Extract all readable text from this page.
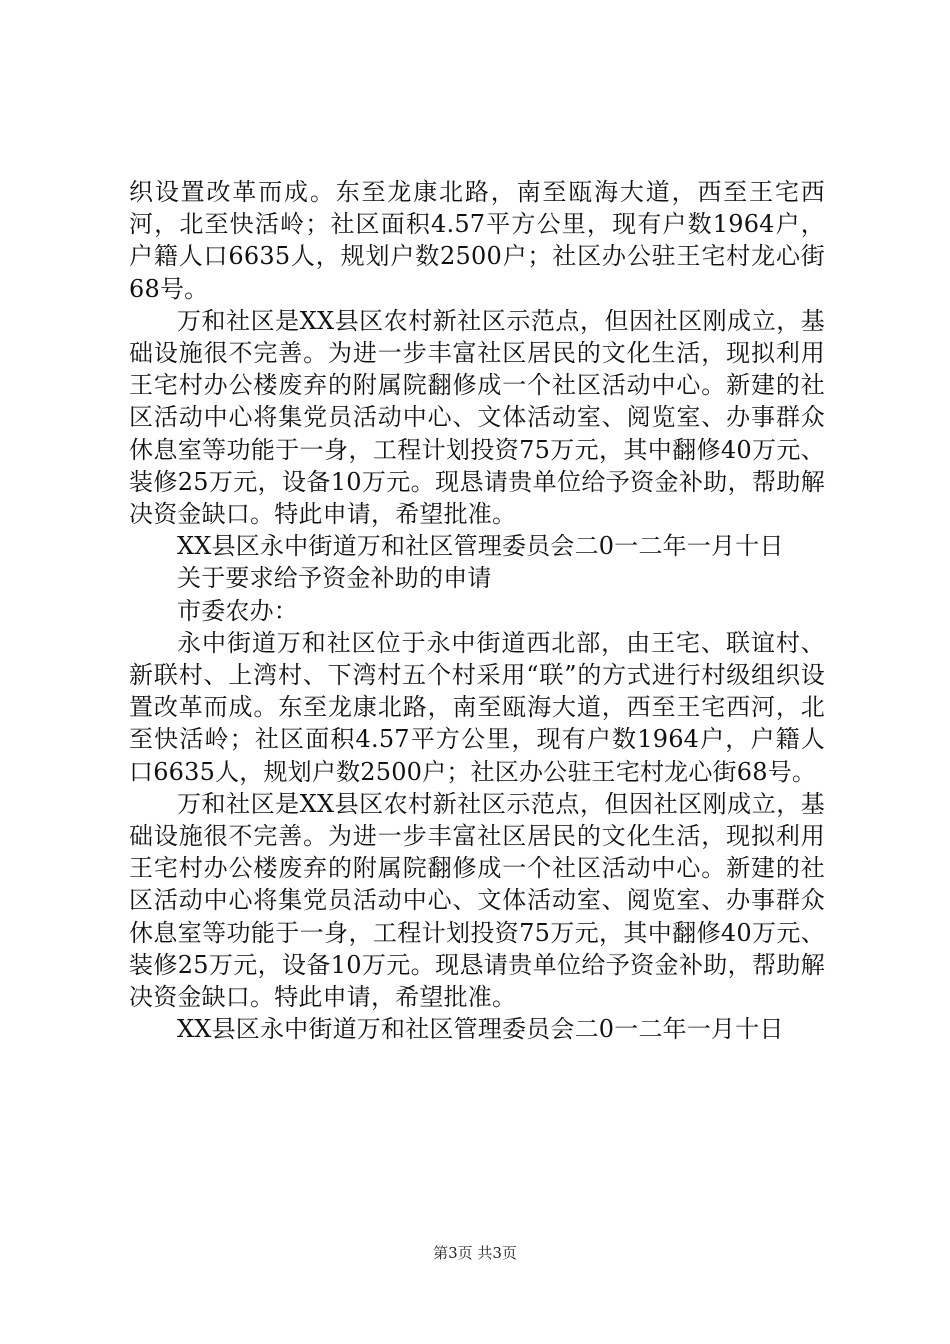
织设置改革而成。东至龙康北路，南至瓯海大道，西至王宅西河，北至快活岭；社区面积4.57平方公里，现有户数1964户，户籍人口6635人，规划户数2500户；社区办公驻王宅村龙心街68号。

万和社区是XX县区农村新社区示范点，但因社区刚成立，基础设施很不完善。为进一步丰富社区居民的文化生活，现拟利用王宅村办公楼废弃的附属院翻修成一个社区活动中心。新建的社区活动中心将集党员活动中心、文体活动室、阅览室、办事群众休息室等功能于一身，工程计划投资75万元，其中翻修40万元、装修25万元，设备10万元。现恳请贵单位给予资金补助，帮助解决资金缺口。特此申请，希望批准。

XX县区永中街道万和社区管理委员会二0一二年一月十日

关于要求给予资金补助的申请

市委农办：

永中街道万和社区位于永中街道西北部，由王宅、联谊村、新联村、上湾村、下湾村五个村采用“联”的方式进行村级组织设置改革而成。东至龙康北路，南至瓯海大道，西至王宅西河，北至快活岭；社区面积4.57平方公里，现有户数1964户，户籍人口6635人，规划户数2500户；社区办公驻王宅村龙心街68号。

万和社区是XX县区农村新社区示范点，但因社区刚成立，基础设施很不完善。为进一步丰富社区居民的文化生活，现拟利用王宅村办公楼废弃的附属院翻修成一个社区活动中心。新建的社区活动中心将集党员活动中心、文体活动室、阅览室、办事群众休息室等功能于一身，工程计划投资75万元，其中翻修40万元、装修25万元，设备10万元。现恳请贵单位给予资金补助，帮助解决资金缺口。特此申请，希望批准。

XX县区永中街道万和社区管理委员会二0一二年一月十日

第3页 共3页
